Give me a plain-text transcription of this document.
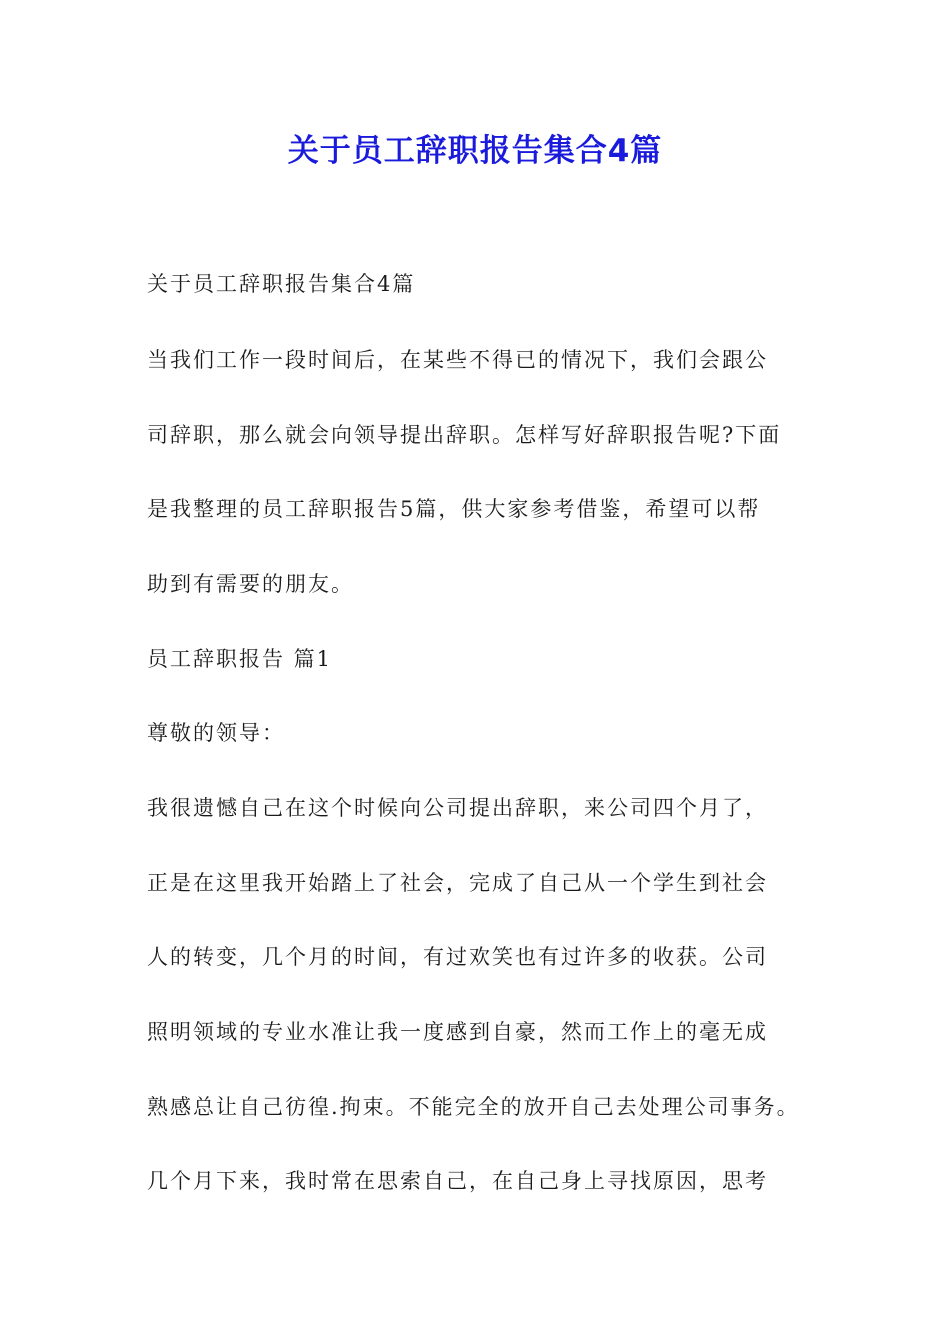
关于员工辞职报告集合4篇

关于员工辞职报告集合4篇

当我们工作一段时间后，在某些不得已的情况下，我们会跟公

司辞职，那么就会向领导提出辞职。怎样写好辞职报告呢?下面

是我整理的员工辞职报告5篇，供大家参考借鉴，希望可以帮

助到有需要的朋友。

员工辞职报告 篇1

尊敬的领导：

我很遗憾自己在这个时候向公司提出辞职，来公司四个月了，

正是在这里我开始踏上了社会，完成了自己从一个学生到社会

人的转变，几个月的时间，有过欢笑也有过许多的收获。公司

照明领域的专业水准让我一度感到自豪，然而工作上的毫无成

熟感总让自己彷徨.拘束。不能完全的放开自己去处理公司事务。

几个月下来，我时常在思索自己，在自己身上寻找原因，思考
